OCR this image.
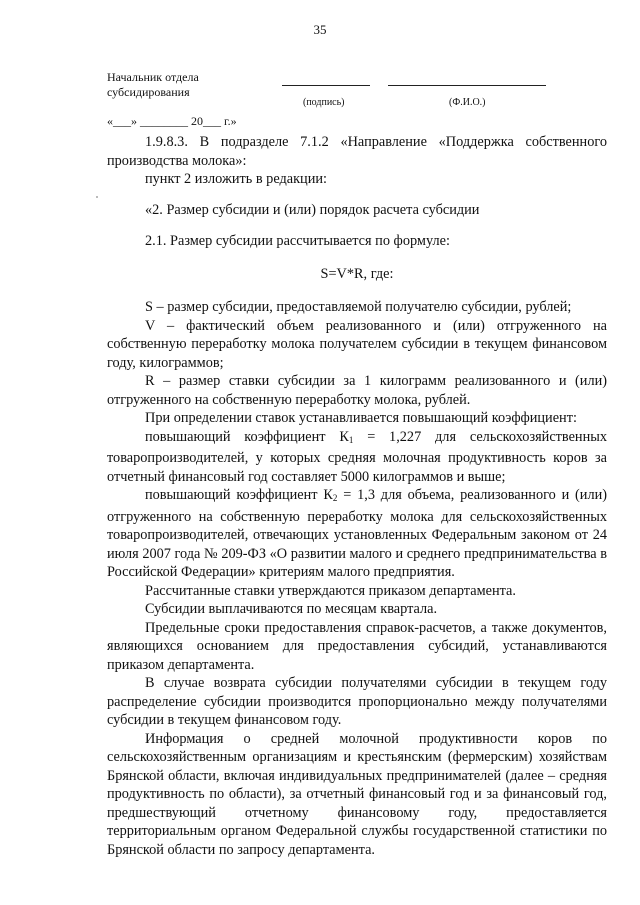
35
Начальник отдела
субсидирования
(подпись)	(Ф.И.О.)
«___» ________ 20___ г.»

1.9.8.3. В подразделе 7.1.2 «Направление «Поддержка собственного производства молока»:

пункт 2 изложить в редакции:

«2. Размер субсидии и (или) порядок расчета субсидии

2.1. Размер субсидии рассчитывается по формуле:

S=V*R, где:

S – размер субсидии, предоставляемой получателю субсидии, рублей;

V – фактический объем реализованного и (или) отгруженного на собственную переработку молока получателем субсидии в текущем финансовом году, килограммов;

R – размер ставки субсидии за 1 килограмм реализованного и (или) отгруженного на собственную переработку молока, рублей.

При определении ставок устанавливается повышающий коэффициент:

повышающий коэффициент $К_1 = 1,227$ для сельскохозяйственных товаропроизводителей, у которых средняя молочная продуктивность коров за отчетный финансовый год составляет 5000 килограммов и выше;

повышающий коэффициент $К_2 = 1,3$ для объема, реализованного и (или) отгруженного на собственную переработку молока для сельскохозяйственных товаропроизводителей, отвечающих установленных Федеральным законом от 24 июля 2007 года № 209-ФЗ «О развитии малого и среднего предпринимательства в Российской Федерации» критериям малого предприятия.

Рассчитанные ставки утверждаются приказом департамента.

Субсидии выплачиваются по месяцам квартала.

Предельные сроки предоставления справок-расчетов, а также документов, являющихся основанием для предоставления субсидий, устанавливаются приказом департамента.

В случае возврата субсидии получателями субсидии в текущем году распределение субсидии производится пропорционально между получателями субсидии в текущем финансовом году.

Информация о средней молочной продуктивности коров по сельскохозяйственным организациям и крестьянским (фермерским) хозяйствам Брянской области, включая индивидуальных предпринимателей (далее – средняя продуктивность по области), за отчетный финансовый год и за финансовый год, предшествующий отчетному финансовому году, предоставляется территориальным органом Федеральной службы государственной статистики по Брянской области по запросу департамента.
